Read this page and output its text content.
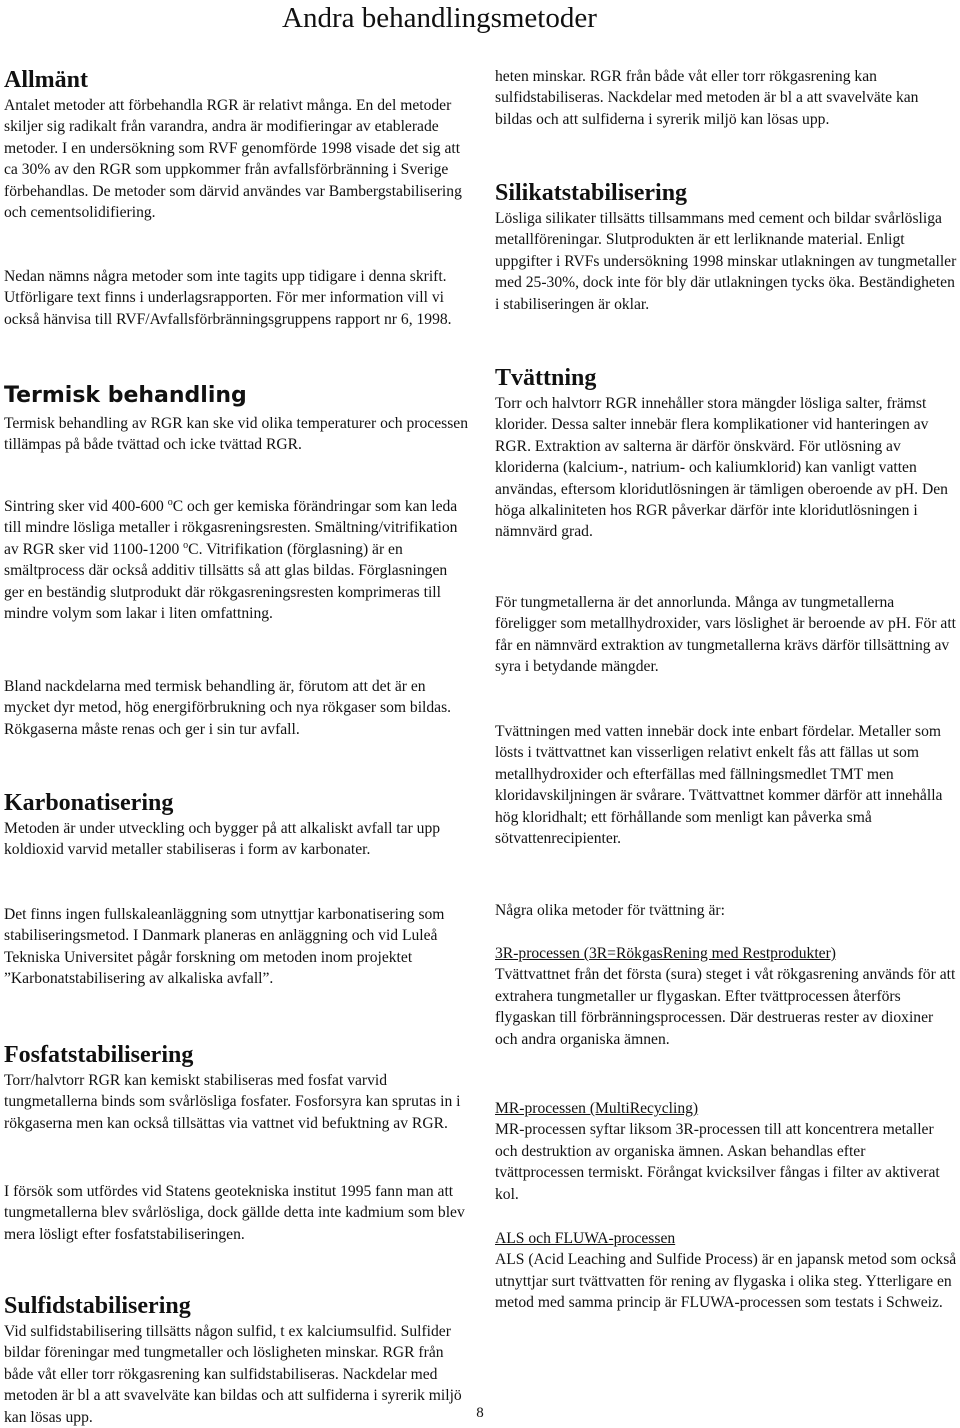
Andra behandlingsmetoder
Allmänt

Antalet metoder att förbehandla RGR är relativt många. En del metoder skiljer sig radikalt från varandra, andra är modifieringar av etablerade metoder. I en undersökning som RVF genomförde 1998 visade det sig att ca 30% av den RGR som uppkommer från avfallsförbränning i Sverige förbehandlas. De metoder som därvid användes var Bambergstabilisering och cementsolidifiering.

Nedan nämns några metoder som inte tagits upp tidigare i denna skrift. Utförligare text finns i underlagsrapporten. För mer information vill vi också hänvisa till RVF/Avfallsförbränningsgruppens rapport nr 6, 1998.

Termisk behandling

Termisk behandling av RGR kan ske vid olika temperaturer och processen tillämpas på både tvättad och icke tvättad RGR.

Sintring sker vid 400-600 $^o$C och ger kemiska förändringar som kan leda till mindre lösliga metaller i rökgasreningsresten. Smältning/vitrifikation av RGR sker vid 1100-1200 $^o$C. Vitrifikation (förglasning) är en smältprocess där också additiv tillsätts så att glas bildas. Förglasningen ger en beständig slutprodukt där rökgasreningsresten komprimeras till mindre volym som lakar i liten omfattning.

Bland nackdelarna med termisk behandling är, förutom att det är en mycket dyr metod, hög energiförbrukning och nya rökgaser som bildas. Rökgaserna måste renas och ger i sin tur avfall.

Karbonatisering

Metoden är under utveckling och bygger på att alkaliskt avfall tar upp koldioxid varvid metaller stabiliseras i form av karbonater.

Det finns ingen fullskaleanläggning som utnyttjar karbonatisering som stabiliseringsmetod. I Danmark planeras en anläggning och vid Luleå Tekniska Universitet pågår forskning om metoden inom projektet ”Karbonatstabilisering av alkaliska avfall”.

Fosfatstabilisering

Torr/halvtorr RGR kan kemiskt stabiliseras med fosfat varvid tungmetallerna binds som svårlösliga fosfater. Fosforsyra kan sprutas in i rökgaserna men kan också tillsättas via vattnet vid befuktning av RGR.

I försök som utfördes vid Statens geotekniska institut 1995 fann man att tungmetallerna blev svårlösliga, dock gällde detta inte kadmium som blev mera lösligt efter fosfatstabiliseringen.

Sulfidstabilisering

Vid sulfidstabilisering tillsätts någon sulfid, t ex kalciumsulfid. Sulfider bildar föreningar med tungmetaller och lösligheten minskar. RGR från både våt eller torr rökgasrening kan sulfidstabiliseras. Nackdelar med metoden är bl a att svavelväte kan bildas och att sulfiderna i syrerik miljö kan lösas upp.

heten minskar. RGR från både våt eller torr rökgasrening kan sulfidstabiliseras. Nackdelar med metoden är bl a att svavelväte kan bildas och att sulfiderna i syrerik miljö kan lösas upp.

Silikatstabilisering

Lösliga silikater tillsätts tillsammans med cement och bildar svårlösliga metallföreningar. Slutprodukten är ett lerliknande material. Enligt uppgifter i RVFs undersökning 1998 minskar utlakningen av tungmetaller med 25-30%, dock inte för bly där utlakningen tycks öka. Beständigheten i stabiliseringen är oklar.

Tvättning

Torr och halvtorr RGR innehåller stora mängder lösliga salter, främst klorider. Dessa salter innebär flera komplikationer vid hanteringen av RGR. Extraktion av salterna är därför önskvärd. För utlösning av kloriderna (kalcium-, natrium- och kaliumklorid) kan vanligt vatten användas, eftersom kloridutlösningen är tämligen oberoende av pH. Den höga alkaliniteten hos RGR påverkar därför inte kloridutlösningen i nämnvärd grad.

För tungmetallerna är det annorlunda. Många av tungmetallerna föreligger som metallhydroxider, vars löslighet är beroende av pH. För att får en nämnvärd extraktion av tungmetallerna krävs därför tillsättning av syra i betydande mängder.

Tvättningen med vatten innebär dock inte enbart fördelar. Metaller som lösts i tvättvattnet kan visserligen relativt enkelt fås att fällas ut som metallhydroxider och efterfällas med fällningsmedlet TMT men kloridavskiljningen är svårare. Tvättvattnet kommer därför att innehålla hög kloridhalt; ett förhållande som menligt kan påverka små sötvattenrecipienter.

Några olika metoder för tvättning är:

3R-processen (3R=RökgasRening med Restprodukter)

Tvättvattnet från det första (sura) steget i våt rökgasrening används för att extrahera tungmetaller ur flygaskan. Efter tvättprocessen återförs flygaskan till förbränningsprocessen. Där destrueras rester av dioxiner och andra organiska ämnen.

MR-processen (MultiRecycling)

MR-processen syftar liksom 3R-processen till att koncentrera metaller och destruktion av organiska ämnen. Askan behandlas efter tvättprocessen termiskt. Förångat kvicksilver fångas i filter av aktiverat kol.

ALS och FLUWA-processen

ALS (Acid Leaching and Sulfide Process) är en japansk metod som också utnyttjar surt tvättvatten för rening av flygaska i olika steg. Ytterligare en metod med samma princip är FLUWA-processen som testats i Schweiz.

8
